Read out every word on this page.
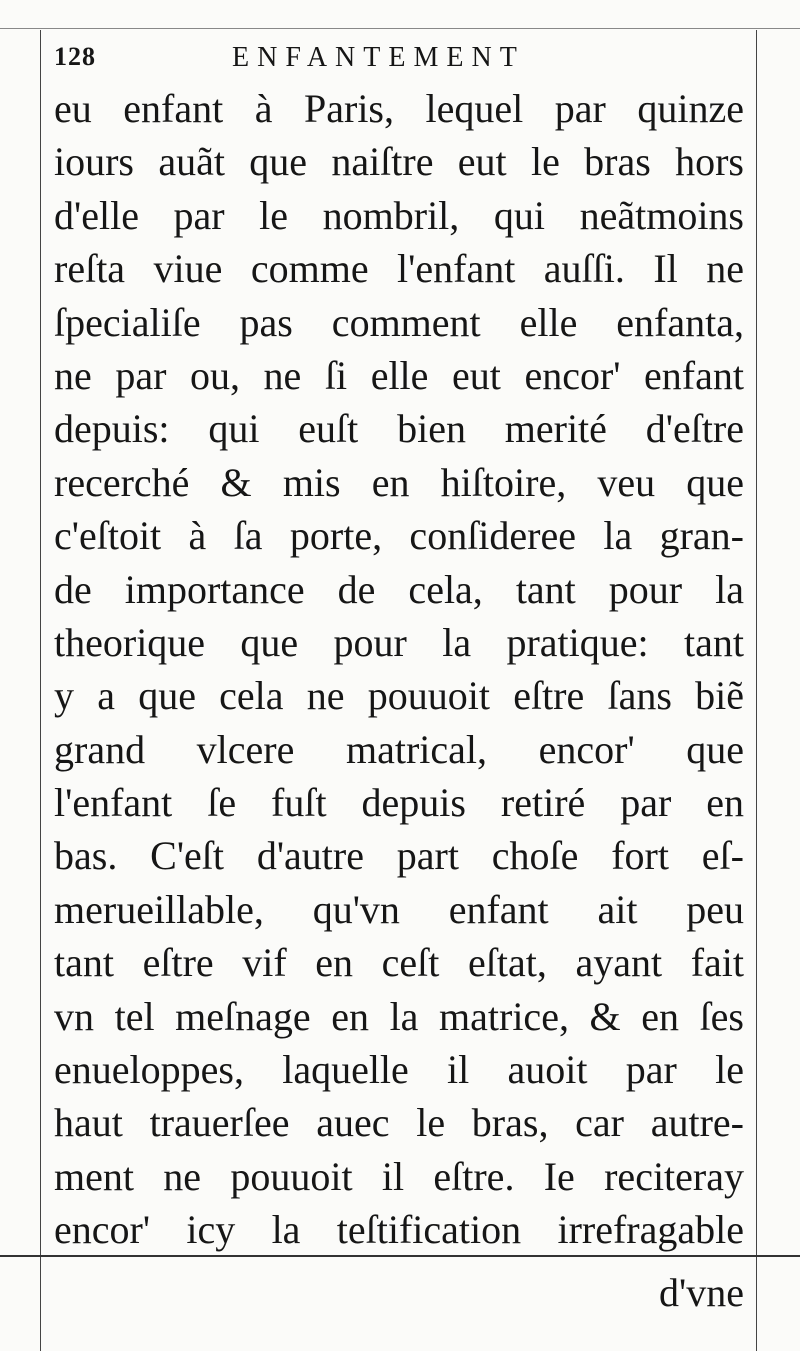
128	ENFANTEMENT
eu enfant à Paris, lequel par quinze
iours auãt que naiſtre eut le bras hors
d'elle par le nombril, qui neãtmoins
reſta viue comme l'enfant auſſi. Il ne
ſpecialiſe pas comment elle enfanta,
ne par ou, ne ſi elle eut encor' enfant
depuis: qui euſt bien merité d'eſtre
recerché & mis en hiſtoire, veu que
c'eſtoit à ſa porte, conſideree la gran-
de importance de cela, tant pour la
theorique que pour la pratique: tant
y a que cela ne pouuoit eſtre ſans biẽ
grand vlcere matrical, encor' que
l'enfant ſe fuſt depuis retiré par en
bas. C'eſt d'autre part choſe fort eſ-
merueillable, qu'vn enfant ait peu
tant eſtre vif en ceſt eſtat, ayant fait
vn tel meſnage en la matrice, & en ſes
enueloppes, laquelle il auoit par le
haut trauerſee auec le bras, car autre-
ment ne pouuoit il eſtre. Ie reciteray
encor' icy la teſtification irrefragable
d'vne
